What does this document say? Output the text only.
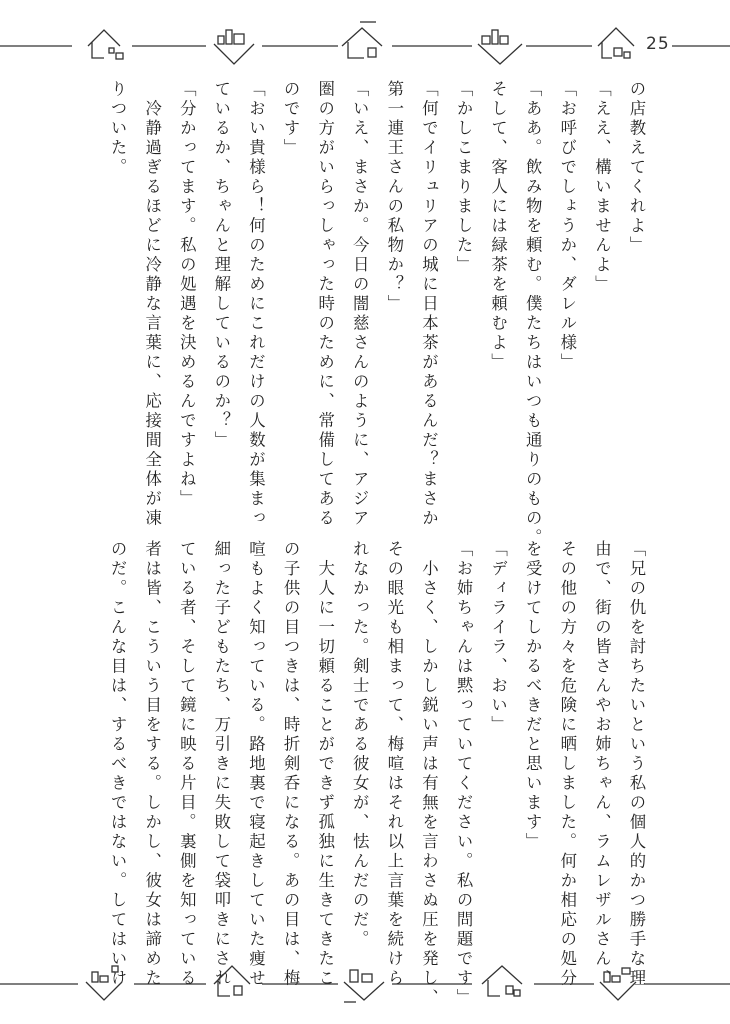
25
の店教えてくれよ」
「ええ、構いませんよ」
「お呼びでしょうか、ダレル様」
「ああ。飲み物を頼む。僕たちはいつも通りのもの。
そして、客人には緑茶を頼むよ」
「かしこまりました」
「何でイリュリアの城に日本茶があるんだ？まさか
第一連王さんの私物か？」
「いえ、まさか。今日の闇慈さんのように、アジア
圏の方がいらっしゃった時のために、常備してある
のです」
「おい貴様ら！何のためにこれだけの人数が集まっ
ているか、ちゃんと理解しているのか？」
「分かってます。私の処遇を決めるんですよね」
　冷静過ぎるほどに冷静な言葉に、応接間全体が凍
りついた。
「兄の仇を討ちたいという私の個人的かつ勝手な理
由で、街の皆さんやお姉ちゃん、ラムレザルさん、
その他の方々を危険に晒しました。何か相応の処分
を受けてしかるべきだと思います」
「ディライラ、おい」
「お姉ちゃんは黙っていてください。私の問題です」
　小さく、しかし鋭い声は有無を言わさぬ圧を発し、
その眼光も相まって、梅喧はそれ以上言葉を続けら
れなかった。剣士である彼女が、怯んだのだ。
　大人に一切頼ることができず孤独に生きてきたこ
の子供の目つきは、時折剣呑になる。あの目は、梅
喧もよく知っている。路地裏で寝起きしていた痩せ
細った子どもたち、万引きに失敗して袋叩きにされ
ている者、そして鏡に映る片目。裏側を知っている
者は皆、こういう目をする。しかし、彼女は諦めた
のだ。こんな目は、するべきではない。してはいけ
